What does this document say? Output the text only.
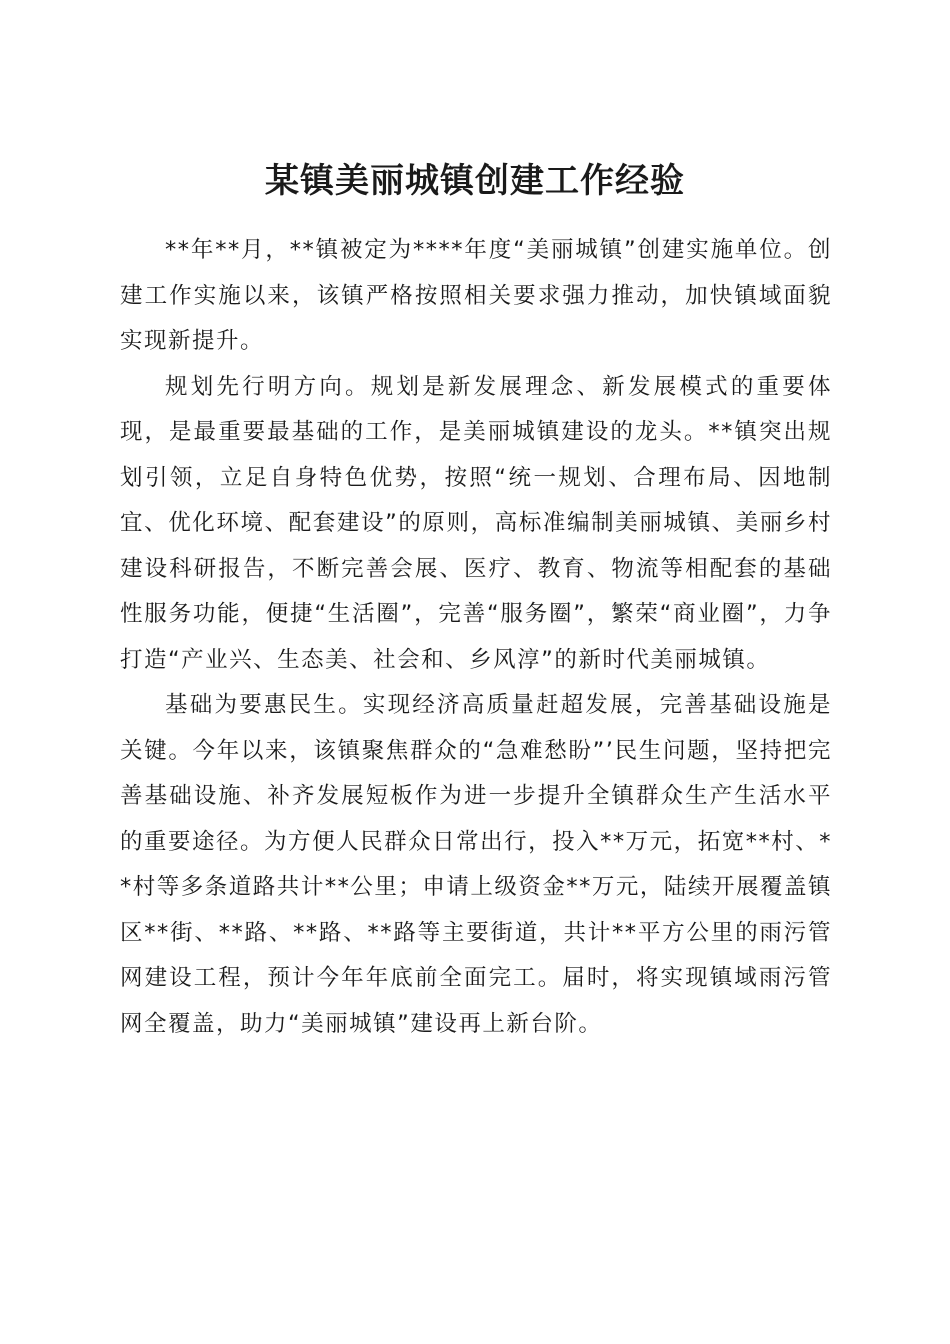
某镇美丽城镇创建工作经验

**年**月，**镇被定为****年度“美丽城镇”创建实施单位。创建工作实施以来，该镇严格按照相关要求强力推动，加快镇域面貌实现新提升。

规划先行明方向。规划是新发展理念、新发展模式的重要体现，是最重要最基础的工作，是美丽城镇建设的龙头。**镇突出规划引领，立足自身特色优势，按照“统一规划、合理布局、因地制宜、优化环境、配套建设”的原则，高标准编制美丽城镇、美丽乡村建设科研报告，不断完善会展、医疗、教育、物流等相配套的基础性服务功能，便捷“生活圈”，完善“服务圈”，繁荣“商业圈”，力争打造“产业兴、生态美、社会和、乡风淳”的新时代美丽城镇。

基础为要惠民生。实现经济高质量赶超发展，完善基础设施是关键。今年以来，该镇聚焦群众的“急难愁盼”’民生问题，坚持把完善基础设施、补齐发展短板作为进一步提升全镇群众生产生活水平的重要途径。为方便人民群众日常出行，投入**万元，拓宽**村、**村等多条道路共计**公里；申请上级资金**万元，陆续开展覆盖镇区**街、**路、**路、**路等主要街道，共计**平方公里的雨污管网建设工程，预计今年年底前全面完工。届时，将实现镇域雨污管网全覆盖，助力“美丽城镇”建设再上新台阶。
